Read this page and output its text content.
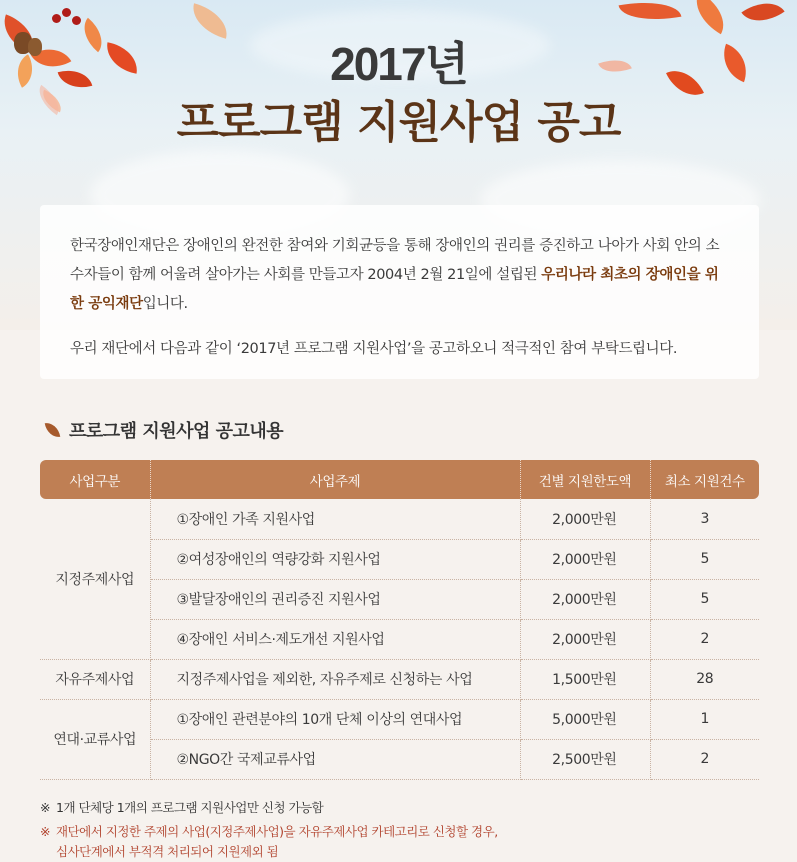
2017년
프로그램 지원사업 공고

한국장애인재단은 장애인의 완전한 참여와 기회균등을 통해 장애인의 권리를 증진하고 나아가 사회 안의 소수자들이 함께 어울려 살아가는 사회를 만들고자 2004년 2월 21일에 설립된 우리나라 최초의 장애인을 위한 공익재단입니다.

우리 재단에서 다음과 같이 ‘2017년 프로그램 지원사업’을 공고하오니 적극적인 참여 부탁드립니다.

프로그램 지원사업 공고내용
사업구분	사업주제	건별 지원한도액	최소 지원건수
지정주제사업	①장애인 가족 지원사업	2,000만원	3
	②여성장애인의 역량강화 지원사업	2,000만원	5
	③발달장애인의 권리증진 지원사업	2,000만원	5
	④장애인 서비스·제도개선 지원사업	2,000만원	2
자유주제사업	지정주제사업을 제외한, 자유주제로 신청하는 사업	1,500만원	28
연대·교류사업	①장애인 관련분야의 10개 단체 이상의 연대사업	5,000만원	1
	②NGO간 국제교류사업	2,500만원	2
※ 1개 단체당 1개의 프로그램 지원사업만 신청 가능함
※ 재단에서 지정한 주제의 사업(지정주제사업)을 자유주제사업 카테고리로 신청할 경우,
심사단계에서 부적격 처리되어 지원제외 됨
